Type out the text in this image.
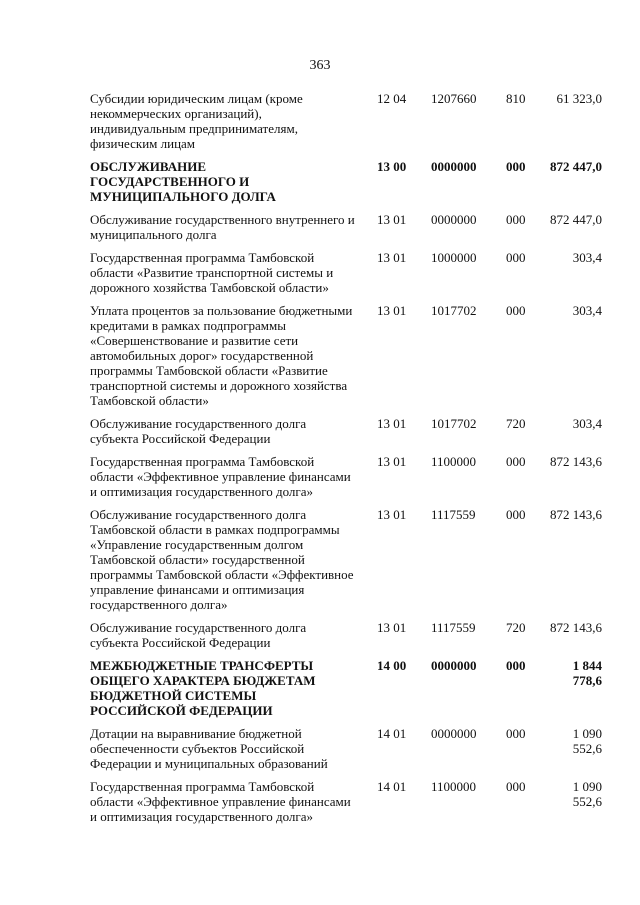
363
Субсидии юридическим лицам (кроме некоммерческих организаций), индивидуальным предпринимателям, физическим лицам	12 04	1207660	810	61 323,0

ОБСЛУЖИВАНИЕ ГОСУДАРСТВЕННОГО И МУНИЦИПАЛЬНОГО ДОЛГА	13 00	0000000	000	872 447,0

Обслуживание государственного внутреннего и муниципального долга	13 01	0000000	000	872 447,0

Государственная программа Тамбовской области «Развитие транспортной системы и дорожного хозяйства Тамбовской области»	13 01	1000000	000	303,4

Уплата процентов за пользование бюджетными кредитами в рамках подпрограммы «Совершенствование и развитие сети автомобильных дорог» государственной программы Тамбовской области «Развитие транспортной системы и дорожного хозяйства Тамбовской области»	13 01	1017702	000	303,4

Обслуживание государственного долга субъекта Российской Федерации	13 01	1017702	720	303,4

Государственная программа Тамбовской области «Эффективное управление финансами и оптимизация государственного долга»	13 01	1100000	000	872 143,6

Обслуживание государственного долга Тамбовской области в рамках подпрограммы «Управление государственным долгом Тамбовской области» государственной программы Тамбовской области «Эффективное управление финансами и оптимизация государственного долга»	13 01	1117559	000	872 143,6

Обслуживание государственного долга субъекта Российской Федерации	13 01	1117559	720	872 143,6

МЕЖБЮДЖЕТНЫЕ ТРАНСФЕРТЫ ОБЩЕГО ХАРАКТЕРА БЮДЖЕТАМ БЮДЖЕТНОЙ СИСТЕМЫ РОССИЙСКОЙ ФЕДЕРАЦИИ	14 00	0000000	000	1 844 778,6

Дотации на выравнивание бюджетной обеспеченности субъектов Российской Федерации и муниципальных образований	14 01	0000000	000	1 090 552,6

Государственная программа Тамбовской области «Эффективное управление финансами и оптимизация государственного долга»	14 01	1100000	000	1 090 552,6
